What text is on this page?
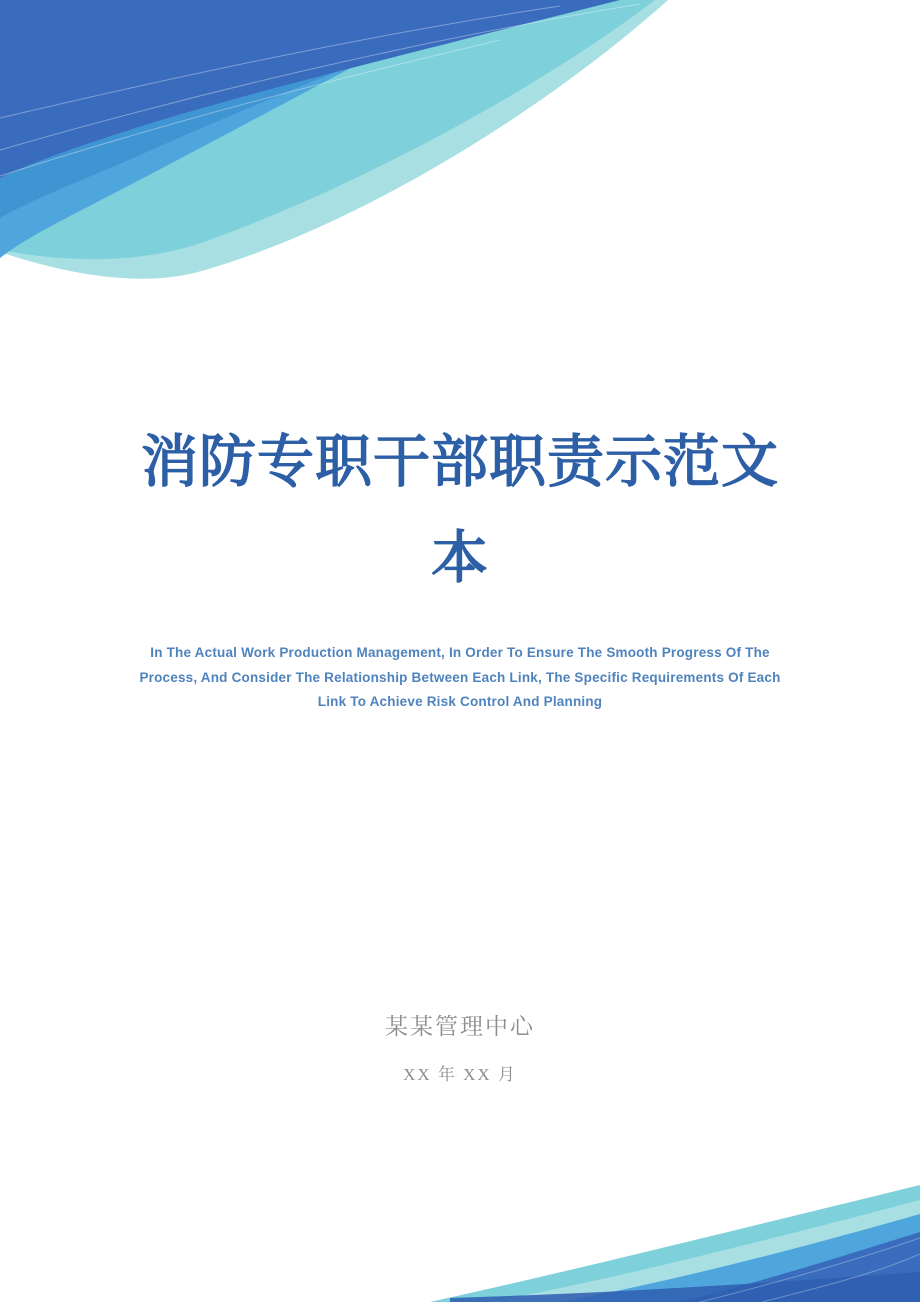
消防专职干部职责示范文
本
In The Actual Work Production Management, In Order To Ensure The Smooth Progress Of The
Process, And Consider The Relationship Between Each Link, The Specific Requirements Of Each
Link To Achieve Risk Control And Planning
某某管理中心
XX 年 XX 月
